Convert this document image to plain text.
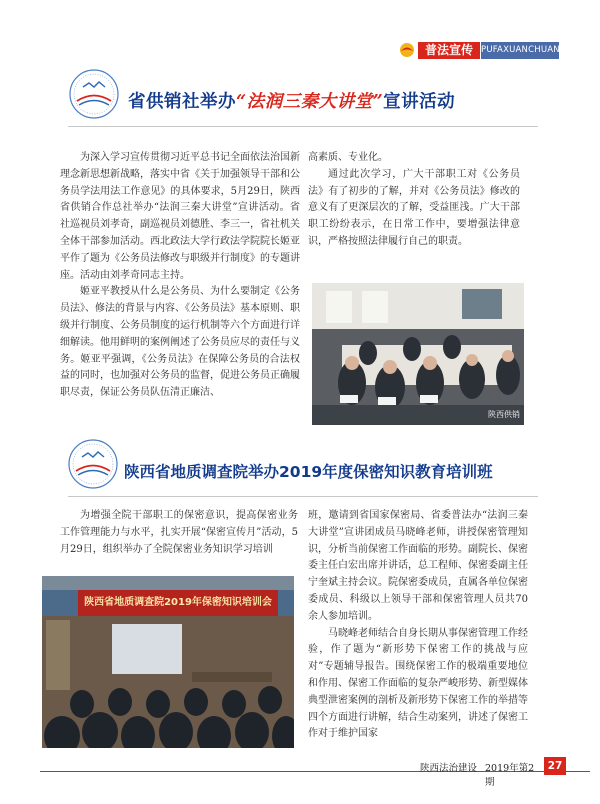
普法宣传 PUFAXUANCHUAN
省供销社举办“法润三秦大讲堂”宣讲活动

为深入学习宣传贯彻习近平总书记全面依法治国新理念新思想新战略，落实中省《关于加强领导干部和公务员学法用法工作意见》的具体要求，5月29日，陕西省供销合作总社举办“法润三秦大讲堂”宣讲活动。省社巡视员刘孝奇，副巡视员刘德胜、李三一，省社机关全体干部参加活动。西北政法大学行政法学院院长姬亚平作了题为《公务员法修改与职级并行制度》的专题讲座。活动由刘孝奇同志主持。

姬亚平教授从什么是公务员、为什么要制定《公务员法》、修法的背景与内容、《公务员法》基本原则、职级并行制度、公务员制度的运行机制等六个方面进行详细解读。他用鲜明的案例阐述了公务员应尽的责任与义务。姬亚平强调，《公务员法》在保障公务员的合法权益的同时，也加强对公务员的监督，促进公务员正确履职尽责，保证公务员队伍清正廉洁、

高素质、专业化。

通过此次学习，广大干部职工对《公务员法》有了初步的了解，并对《公务员法》修改的意义有了更深层次的了解，受益匪浅。广大干部职工纷纷表示，在日常工作中，要增强法律意识，严格按照法律履行自己的职责。

陕西供销
陕西省地质调查院举办2019年度保密知识教育培训班

为增强全院干部职工的保密意识，提高保密业务工作管理能力与水平，扎实开展“保密宣传月”活动，5月29日，组织举办了全院保密业务知识学习培训

陕西省地质调查院2019年保密知识培训会

班，邀请到省国家保密局、省委普法办“法润三秦大讲堂”宣讲团成员马晓峰老师，讲授保密管理知识，分析当前保密工作面临的形势。副院长、保密委主任白宏出席并讲话，总工程师、保密委副主任宁奎斌主持会议。院保密委成员，直属各单位保密委成员、科级以上领导干部和保密管理人员共70余人参加培训。

马晓峰老师结合自身长期从事保密管理工作经验，作了题为“新形势下保密工作的挑战与应对”专题辅导报告。围绕保密工作的极端重要地位和作用、保密工作面临的复杂严峻形势、新型媒体典型泄密案例的剖析及新形势下保密工作的举措等四个方面进行讲解，结合生动案列，讲述了保密工作对于维护国家

陕西法治建设 2019年第2期
27
